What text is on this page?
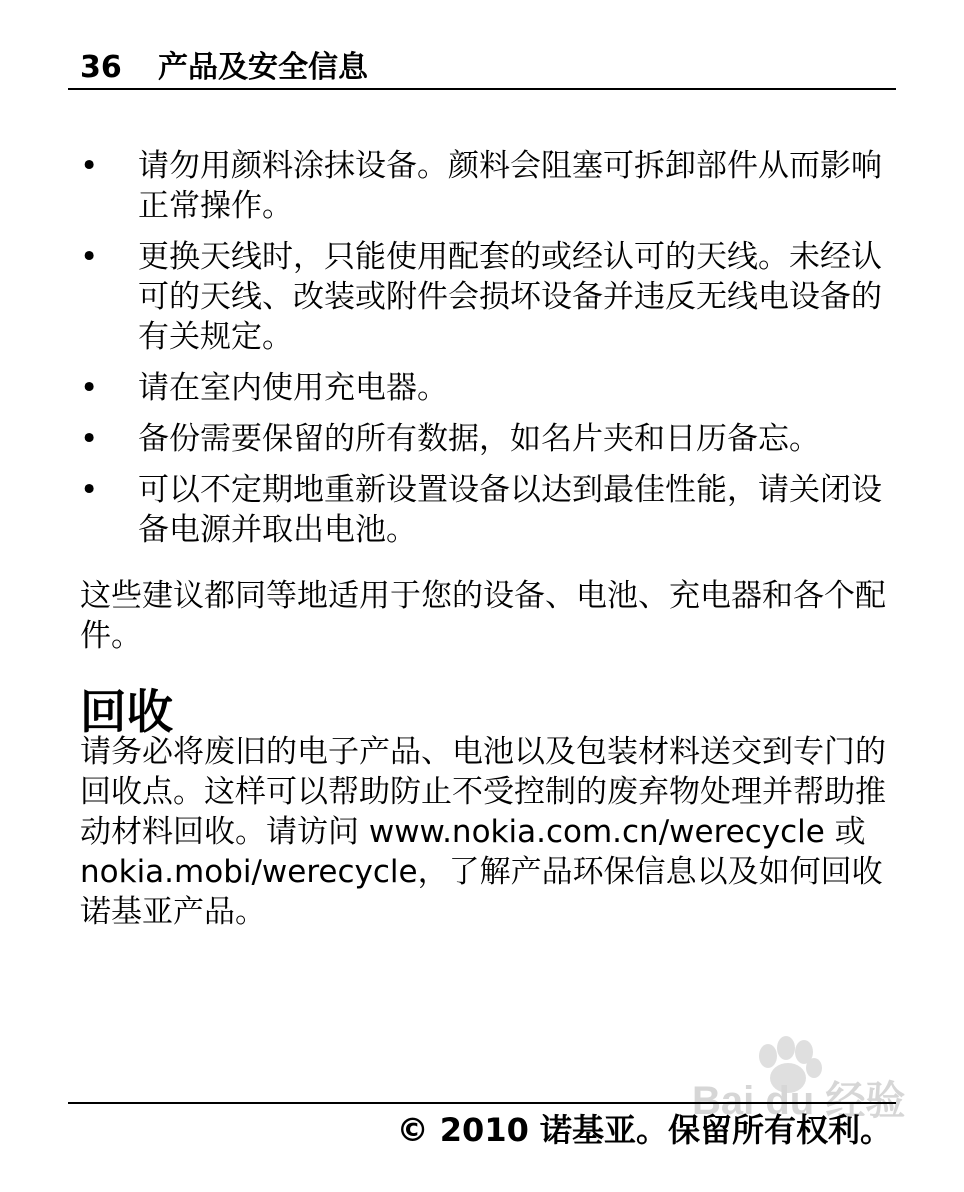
36	产品及安全信息
• 请勿用颜料涂抹设备。颜料会阻塞可拆卸部件从而影响正常操作。
• 更换天线时，只能使用配套的或经认可的天线。未经认可的天线、改装或附件会损坏设备并违反无线电设备的有关规定。
• 请在室内使用充电器。
• 备份需要保留的所有数据，如名片夹和日历备忘。
• 可以不定期地重新设置设备以达到最佳性能，请关闭设备电源并取出电池。

这些建议都同等地适用于您的设备、电池、充电器和各个配件。

回收

请务必将废旧的电子产品、电池以及包装材料送交到专门的回收点。这样可以帮助防止不受控制的废弃物处理并帮助推动材料回收。请访问 www.nokia.com.cn/werecycle 或 nokia.mobi/werecycle，了解产品环保信息以及如何回收诺基亚产品。

Bai du 经验
© 2010 诺基亚。保留所有权利。
